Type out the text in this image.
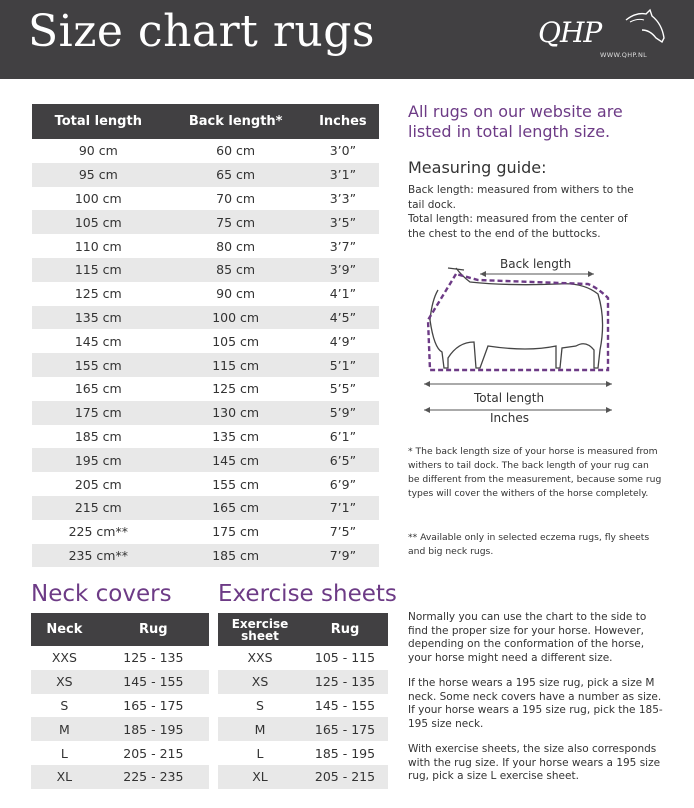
Size chart rugs	QHP
WWW.QHP.NL
Total length	Back length*	Inches
90 cm	60 cm	3’0”
95 cm	65 cm	3’1”
100 cm	70 cm	3’3”
105 cm	75 cm	3’5”
110 cm	80 cm	3’7”
115 cm	85 cm	3’9”
125 cm	90 cm	4’1”
135 cm	100 cm	4’5”
145 cm	105 cm	4’9”
155 cm	115 cm	5’1”
165 cm	125 cm	5’5”
175 cm	130 cm	5’9”
185 cm	135 cm	6’1”
195 cm	145 cm	6’5”
205 cm	155 cm	6’9”
215 cm	165 cm	7’1”
225 cm**	175 cm	7’5”
235 cm**	185 cm	7’9”
All rugs on our website are listed in total length size.
Measuring guide:
Back length: measured from withers to the tail dock.
Total length: measured from the center of the chest to the end of the buttocks.
Back length
Total length
Inches
* The back length size of your horse is measured from withers to tail dock. The back length of your rug can be different from the measurement, because some rug types will cover the withers of the horse completely.
** Available only in selected eczema rugs, fly sheets and big neck rugs.
Neck covers
Neck	Rug
XXS	125 - 135
XS	145 - 155
S	165 - 175
M	185 - 195
L	205 - 215
XL	225 - 235
Exercise sheets
Exercise sheet	Rug
XXS	105 - 115
XS	125 - 135
S	145 - 155
M	165 - 175
L	185 - 195
XL	205 - 215

Normally you can use the chart to the side to find the proper size for your horse. However, depending on the conformation of the horse, your horse might need a different size.

If the horse wears a 195 size rug, pick a size M neck. Some neck covers have a number as size. If your horse wears a 195 size rug, pick the 185-195 size neck.

With exercise sheets, the size also corresponds with the rug size. If your horse wears a 195 size rug, pick a size L exercise sheet.
